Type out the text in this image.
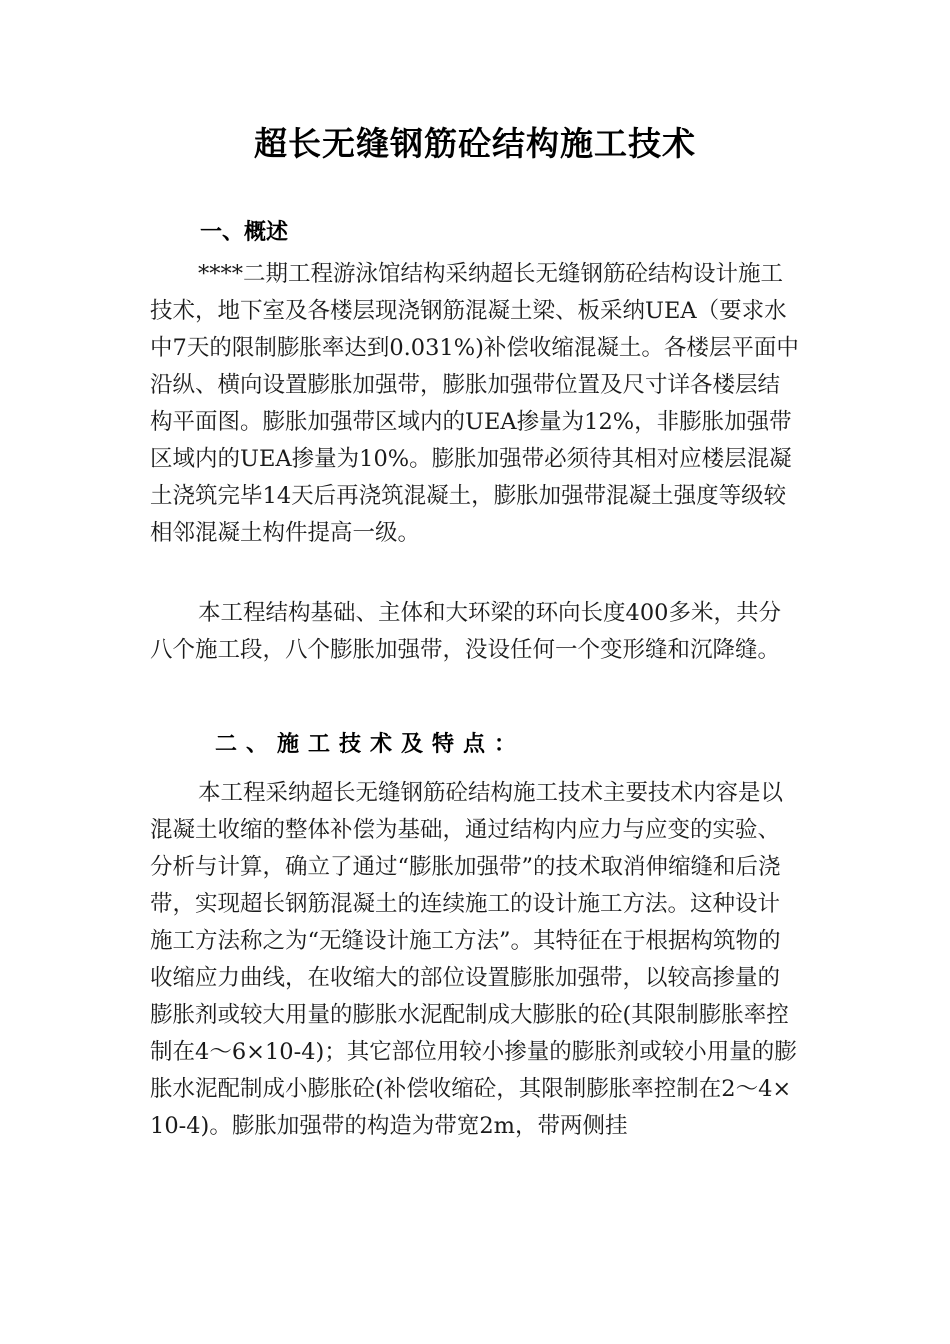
超长无缝钢筋砼结构施工技术
一、概述

****二期工程游泳馆结构采纳超长无缝钢筋砼结构设计施工技术，地下室及各楼层现浇钢筋混凝土梁、板采纳UEA（要求水中7天的限制膨胀率达到0.031%)补偿收缩混凝土。各楼层平面中沿纵、横向设置膨胀加强带，膨胀加强带位置及尺寸详各楼层结构平面图。膨胀加强带区域内的UEA掺量为12%，非膨胀加强带区域内的UEA掺量为10%。膨胀加强带必须待其相对应楼层混凝土浇筑完毕14天后再浇筑混凝土，膨胀加强带混凝土强度等级较相邻混凝土构件提高一级。

本工程结构基础、主体和大环梁的环向长度400多米，共分八个施工段，八个膨胀加强带，没设任何一个变形缝和沉降缝。

二、施工技术及特点：

本工程采纳超长无缝钢筋砼结构施工技术主要技术内容是以混凝土收缩的整体补偿为基础，通过结构内应力与应变的实验、分析与计算，确立了通过“膨胀加强带”的技术取消伸缩缝和后浇带，实现超长钢筋混凝土的连续施工的设计施工方法。这种设计施工方法称之为“无缝设计施工方法”。其特征在于根据构筑物的收缩应力曲线，在收缩大的部位设置膨胀加强带，以较高掺量的膨胀剂或较大用量的膨胀水泥配制成大膨胀的砼(其限制膨胀率控制在4～6×10-4)；其它部位用较小掺量的膨胀剂或较小用量的膨胀水泥配制成小膨胀砼(补偿收缩砼，其限制膨胀率控制在2～4×10-4)。膨胀加强带的构造为带宽2m，带两侧挂
